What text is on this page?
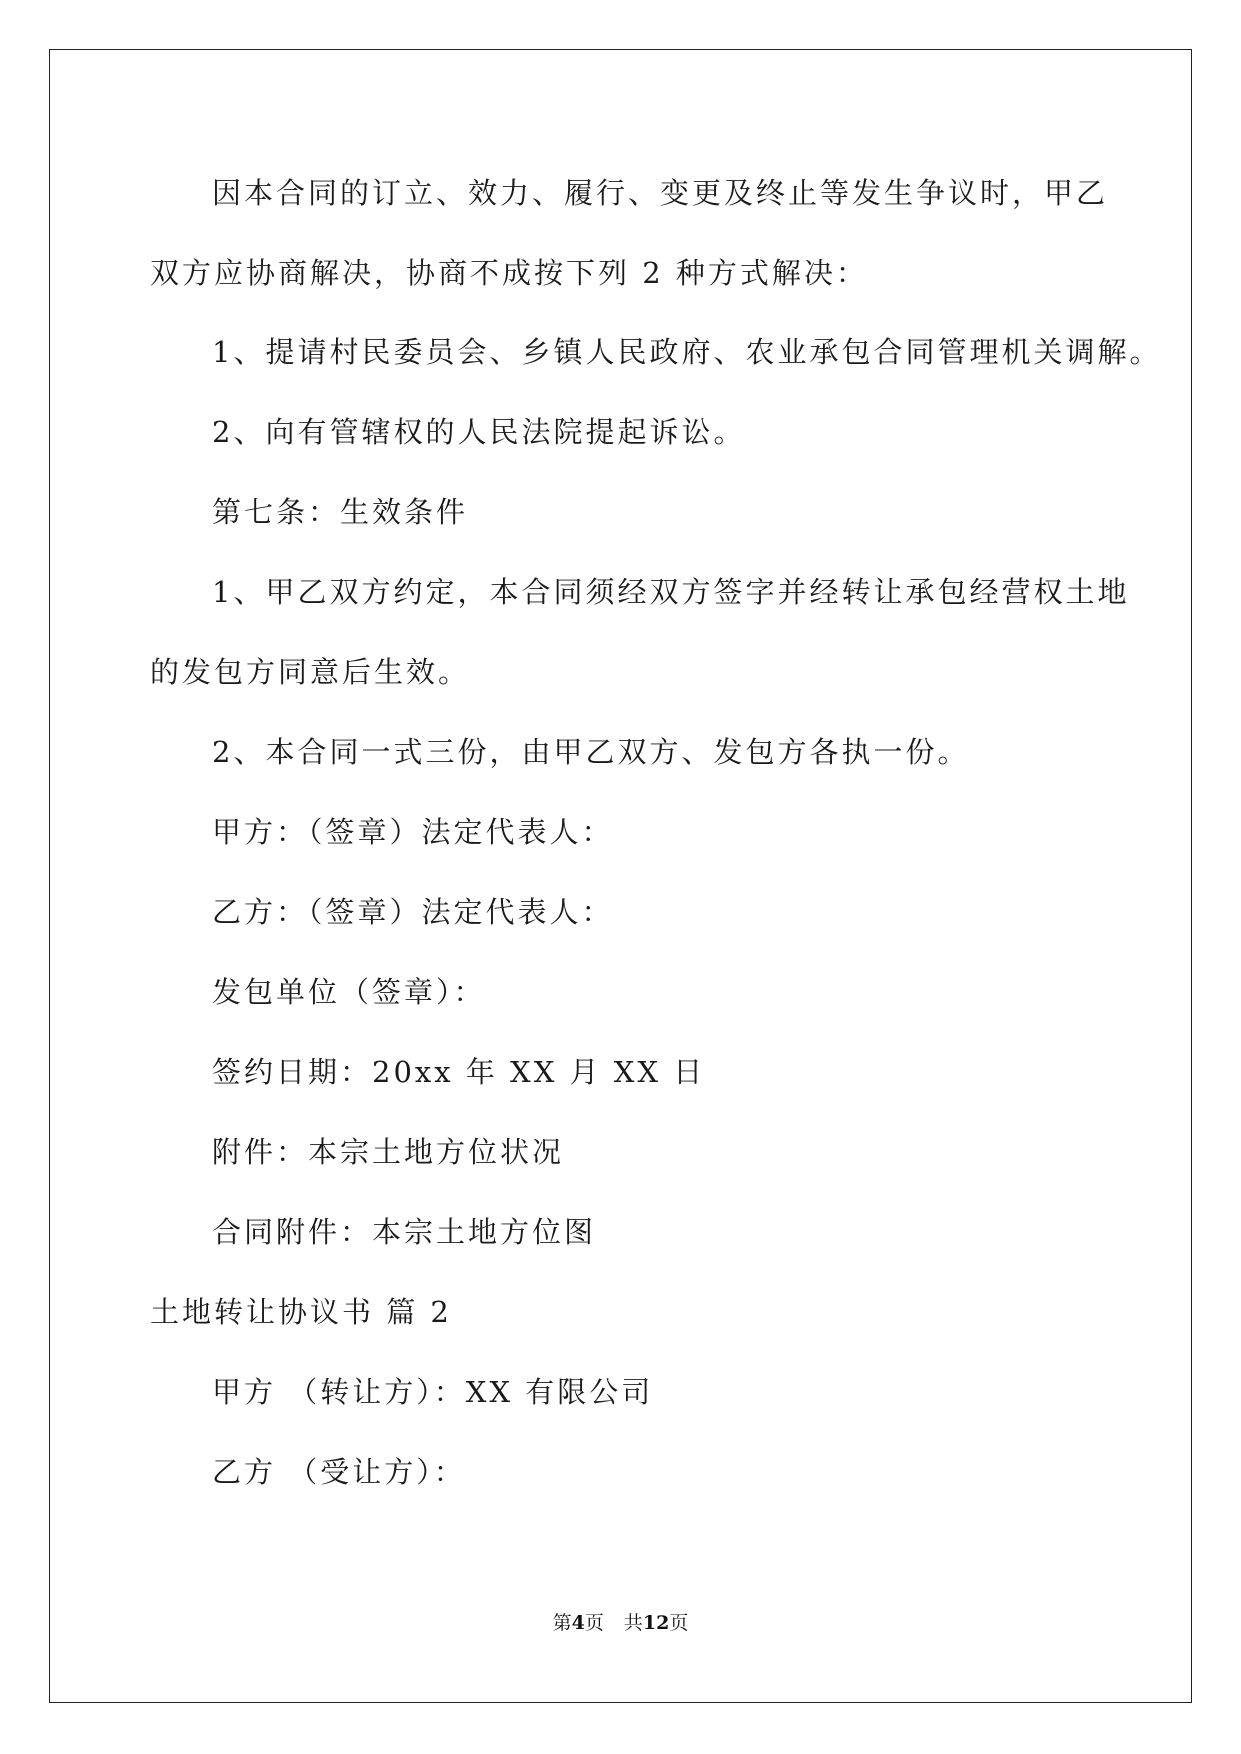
因本合同的订立、效力、履行、变更及终止等发生争议时，甲乙
双方应协商解决，协商不成按下列 2 种方式解决：
1、提请村民委员会、乡镇人民政府、农业承包合同管理机关调解。
2、向有管辖权的人民法院提起诉讼。
第七条：生效条件
1、甲乙双方约定，本合同须经双方签字并经转让承包经营权土地
的发包方同意后生效。
2、本合同一式三份，由甲乙双方、发包方各执一份。
甲方：（签章）法定代表人：
乙方：（签章）法定代表人：
发包单位（签章）：
签约日期：20xx 年 XX 月 XX 日
附件：本宗土地方位状况
合同附件：本宗土地方位图
土地转让协议书 篇 2
甲方 （转让方）：XX 有限公司
乙方 （受让方）：
第4页 共12页
